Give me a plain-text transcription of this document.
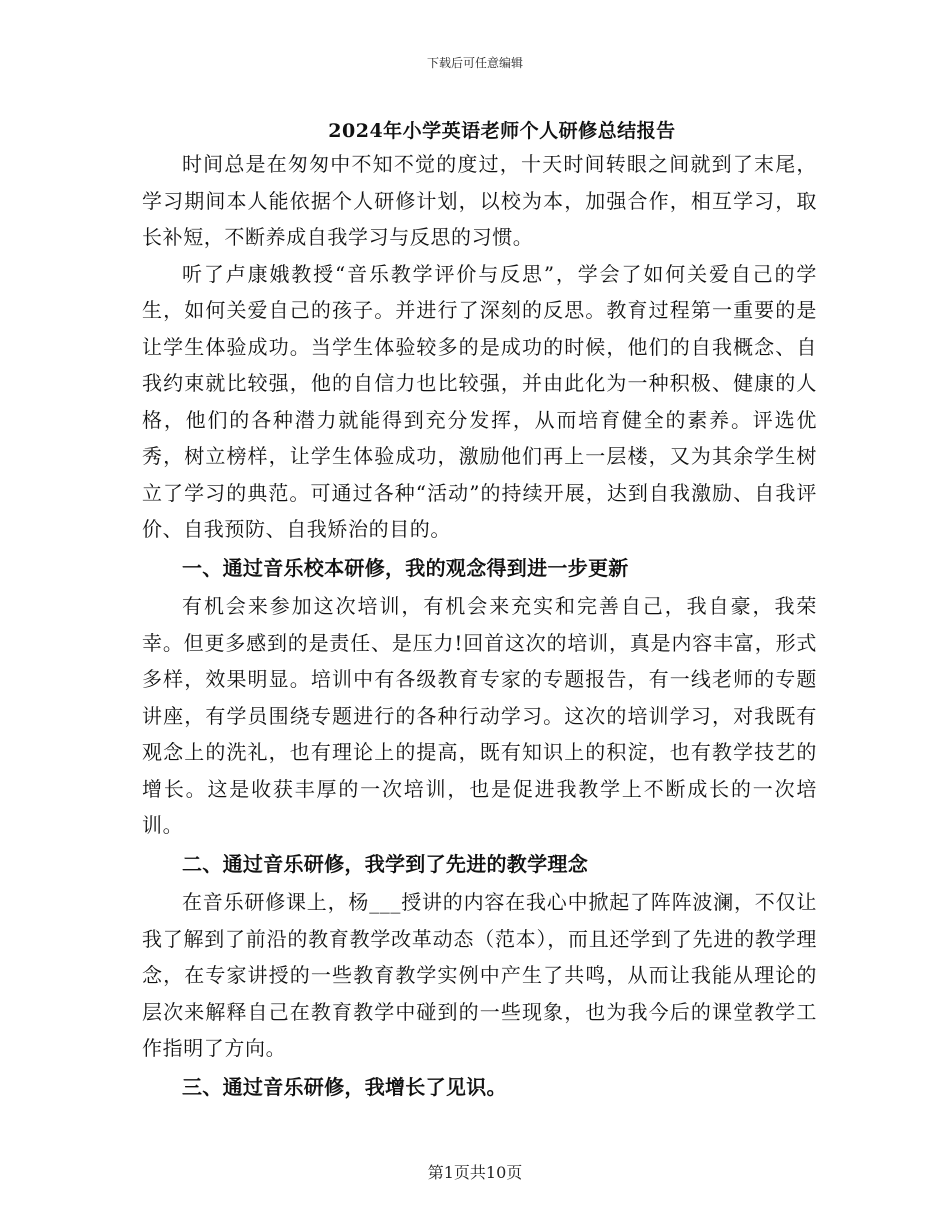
下载后可任意编辑
2024年小学英语老师个人研修总结报告

时间总是在匆匆中不知不觉的度过，十天时间转眼之间就到了末尾，学习期间本人能依据个人研修计划，以校为本，加强合作，相互学习，取长补短，不断养成自我学习与反思的习惯。

听了卢康娥教授“音乐教学评价与反思”，学会了如何关爱自己的学生，如何关爱自己的孩子。并进行了深刻的反思。教育过程第一重要的是让学生体验成功。当学生体验较多的是成功的时候，他们的自我概念、自我约束就比较强，他的自信力也比较强，并由此化为一种积极、健康的人格，他们的各种潜力就能得到充分发挥，从而培育健全的素养。评选优秀，树立榜样，让学生体验成功，激励他们再上一层楼，又为其余学生树立了学习的典范。可通过各种“活动”的持续开展，达到自我激励、自我评价、自我预防、自我矫治的目的。

一、通过音乐校本研修，我的观念得到进一步更新

有机会来参加这次培训，有机会来充实和完善自己，我自豪，我荣幸。但更多感到的是责任、是压力!回首这次的培训，真是内容丰富，形式多样，效果明显。培训中有各级教育专家的专题报告，有一线老师的专题讲座，有学员围绕专题进行的各种行动学习。这次的培训学习，对我既有观念上的洗礼，也有理论上的提高，既有知识上的积淀，也有教学技艺的增长。这是收获丰厚的一次培训，也是促进我教学上不断成长的一次培训。

二、通过音乐研修，我学到了先进的教学理念

在音乐研修课上，杨___授讲的内容在我心中掀起了阵阵波澜，不仅让我了解到了前沿的教育教学改革动态（范本），而且还学到了先进的教学理念，在专家讲授的一些教育教学实例中产生了共鸣，从而让我能从理论的层次来解释自己在教育教学中碰到的一些现象，也为我今后的课堂教学工作指明了方向。

三、通过音乐研修，我增长了见识。

第1页共10页
